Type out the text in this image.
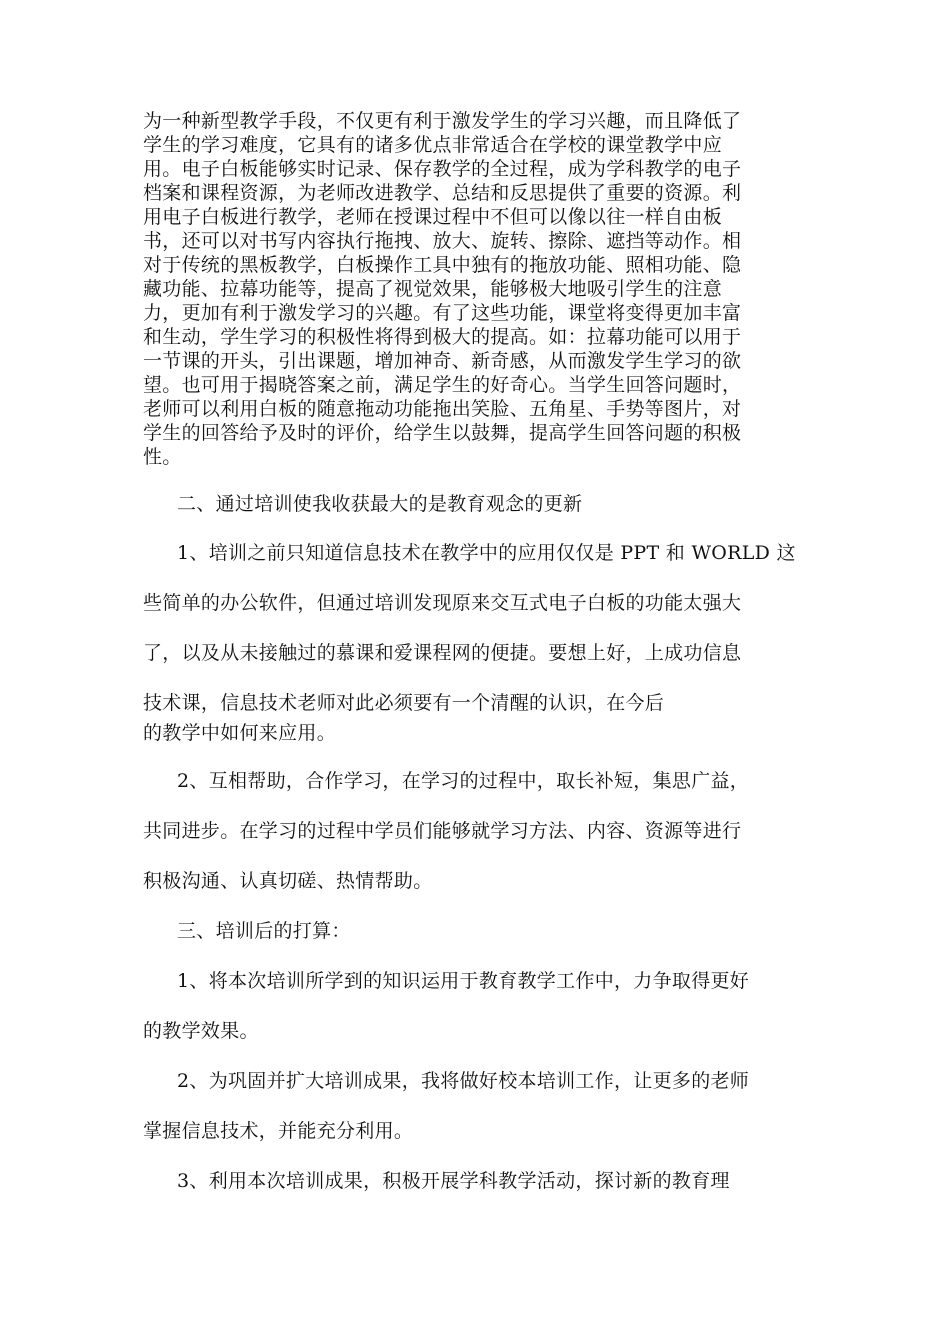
为一种新型教学手段，不仅更有利于激发学生的学习兴趣，而且降低了
学生的学习难度，它具有的诸多优点非常适合在学校的课堂教学中应
用。电子白板能够实时记录、保存教学的全过程，成为学科教学的电子
档案和课程资源，为老师改进教学、总结和反思提供了重要的资源。利
用电子白板进行教学，老师在授课过程中不但可以像以往一样自由板
书，还可以对书写内容执行拖拽、放大、旋转、擦除、遮挡等动作。相
对于传统的黑板教学，白板操作工具中独有的拖放功能、照相功能、隐
藏功能、拉幕功能等，提高了视觉效果，能够极大地吸引学生的注意
力，更加有利于激发学习的兴趣。有了这些功能，课堂将变得更加丰富
和生动，学生学习的积极性将得到极大的提高。如：拉幕功能可以用于
一节课的开头，引出课题，增加神奇、新奇感，从而激发学生学习的欲
望。也可用于揭晓答案之前，满足学生的好奇心。当学生回答问题时，
老师可以利用白板的随意拖动功能拖出笑脸、五角星、手势等图片，对
学生的回答给予及时的评价，给学生以鼓舞，提高学生回答问题的积极
性。
二、通过培训使我收获最大的是教育观念的更新
1、培训之前只知道信息技术在教学中的应用仅仅是 PPT 和 WORLD 这
些简单的办公软件，但通过培训发现原来交互式电子白板的功能太强大
了，以及从未接触过的慕课和爱课程网的便捷。要想上好，上成功信息
技术课，信息技术老师对此必须要有一个清醒的认识，在今后
的教学中如何来应用。
2、互相帮助，合作学习，在学习的过程中，取长补短，集思广益，
共同进步。在学习的过程中学员们能够就学习方法、内容、资源等进行
积极沟通、认真切磋、热情帮助。
三、培训后的打算：
1、将本次培训所学到的知识运用于教育教学工作中，力争取得更好
的教学效果。
2、为巩固并扩大培训成果，我将做好校本培训工作，让更多的老师
掌握信息技术，并能充分利用。
3、利用本次培训成果，积极开展学科教学活动，探讨新的教育理
